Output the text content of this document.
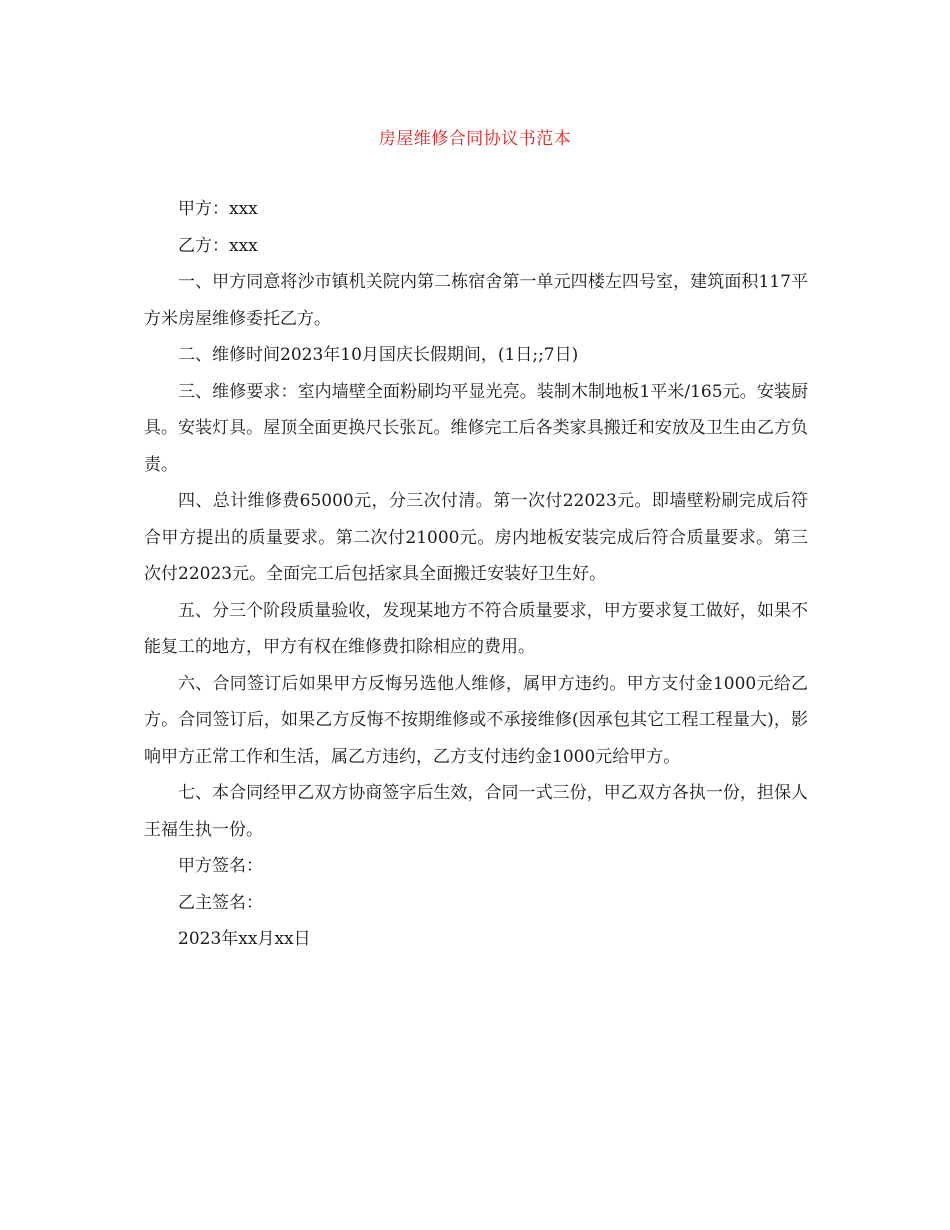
房屋维修合同协议书范本

甲方：xxx

乙方：xxx

一、甲方同意将沙市镇机关院内第二栋宿舍第一单元四楼左四号室，建筑面积117平方米房屋维修委托乙方。

二、维修时间2023年10月国庆长假期间，(1日;;7日)

三、维修要求：室内墙壁全面粉刷均平显光亮。装制木制地板1平米/165元。安装厨具。安装灯具。屋顶全面更换尺长张瓦。维修完工后各类家具搬迁和安放及卫生由乙方负责。

四、总计维修费65000元，分三次付清。第一次付22023元。即墙壁粉刷完成后符合甲方提出的质量要求。第二次付21000元。房内地板安装完成后符合质量要求。第三次付22023元。全面完工后包括家具全面搬迁安装好卫生好。

五、分三个阶段质量验收，发现某地方不符合质量要求，甲方要求复工做好，如果不能复工的地方，甲方有权在维修费扣除相应的费用。

六、合同签订后如果甲方反悔另选他人维修，属甲方违约。甲方支付金1000元给乙方。合同签订后，如果乙方反悔不按期维修或不承接维修(因承包其它工程工程量大)，影响甲方正常工作和生活，属乙方违约，乙方支付违约金1000元给甲方。

七、本合同经甲乙双方协商签字后生效，合同一式三份，甲乙双方各执一份，担保人王福生执一份。

甲方签名：

乙主签名：

2023年xx月xx日
